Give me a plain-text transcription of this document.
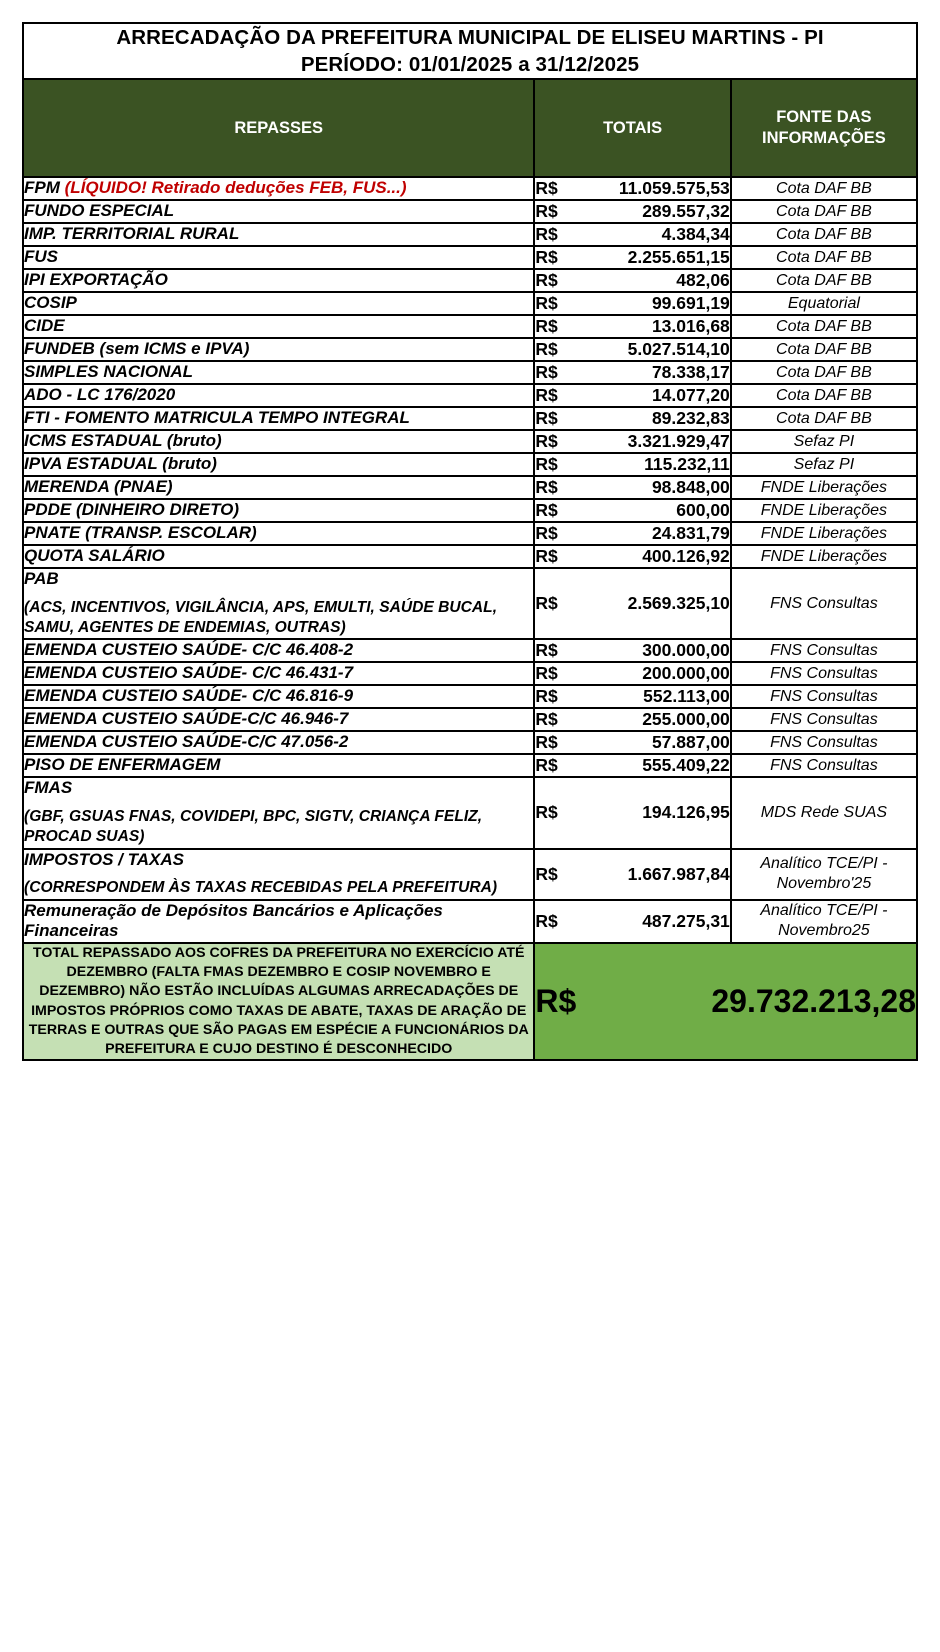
ARRECADAÇÃO DA PREFEITURA MUNICIPAL DE ELISEU MARTINS - PI
PERÍODO: 01/01/2025 a 31/12/2025		

REPASSES	TOTAIS	FONTE DAS
INFORMAÇÕES

FPM (LÍQUIDO! Retirado deduções FEB, FUS...)	R$ 11.059.575,53	Cota DAF BB
FUNDO ESPECIAL	R$ 289.557,32	Cota DAF BB
IMP. TERRITORIAL RURAL	R$ 4.384,34	Cota DAF BB
FUS	R$ 2.255.651,15	Cota DAF BB
IPI EXPORTAÇÃO	R$ 482,06	Cota DAF BB
COSIP	R$ 99.691,19	Equatorial
CIDE	R$ 13.016,68	Cota DAF BB
FUNDEB (sem ICMS e IPVA)	R$ 5.027.514,10	Cota DAF BB
SIMPLES NACIONAL	R$ 78.338,17	Cota DAF BB
ADO - LC 176/2020	R$ 14.077,20	Cota DAF BB
FTI - FOMENTO MATRICULA TEMPO INTEGRAL	R$ 89.232,83	Cota DAF BB
ICMS ESTADUAL (bruto)	R$ 3.321.929,47	Sefaz PI
IPVA ESTADUAL (bruto)	R$ 115.232,11	Sefaz PI
MERENDA (PNAE)	R$ 98.848,00	FNDE Liberações
PDDE (DINHEIRO DIRETO)	R$ 600,00	FNDE Liberações
PNATE (TRANSP. ESCOLAR)	R$ 24.831,79	FNDE Liberações
QUOTA SALÁRIO	R$ 400.126,92	FNDE Liberações
PAB
(ACS, INCENTIVOS, VIGILÂNCIA, APS, EMULTI, SAÚDE BUCAL, SAMU, AGENTES DE ENDEMIAS, OUTRAS)	R$ 2.569.325,10	FNS Consultas
EMENDA CUSTEIO SAÚDE- C/C 46.408-2	R$ 300.000,00	FNS Consultas
EMENDA CUSTEIO SAÚDE- C/C 46.431-7	R$ 200.000,00	FNS Consultas
EMENDA CUSTEIO SAÚDE- C/C 46.816-9	R$ 552.113,00	FNS Consultas
EMENDA CUSTEIO SAÚDE-C/C 46.946-7	R$ 255.000,00	FNS Consultas
EMENDA CUSTEIO SAÚDE-C/C 47.056-2	R$ 57.887,00	FNS Consultas
PISO DE ENFERMAGEM	R$ 555.409,22	FNS Consultas
FMAS
(GBF, GSUAS FNAS, COVIDEPI, BPC, SIGTV, CRIANÇA FELIZ, PROCAD SUAS)	R$ 194.126,95	MDS Rede SUAS
IMPOSTOS / TAXAS
(CORRESPONDEM ÀS TAXAS RECEBIDAS PELA PREFEITURA)	R$ 1.667.987,84	Analítico TCE/PI - Novembro'25
Remuneração de Depósitos Bancários e Aplicações Financeiras	R$ 487.275,31	Analítico TCE/PI - Novembro25
TOTAL REPASSADO AOS COFRES DA PREFEITURA NO EXERCÍCIO ATÉ DEZEMBRO (FALTA FMAS DEZEMBRO E COSIP NOVEMBRO E DEZEMBRO) NÃO ESTÃO INCLUÍDAS ALGUMAS ARRECADAÇÕES DE IMPOSTOS PRÓPRIOS COMO TAXAS DE ABATE, TAXAS DE ARAÇÃO DE TERRAS E OUTRAS QUE SÃO PAGAS EM ESPÉCIE A FUNCIONÁRIOS DA PREFEITURA E CUJO DESTINO É DESCONHECIDO	R$ 29.732.213,28	
